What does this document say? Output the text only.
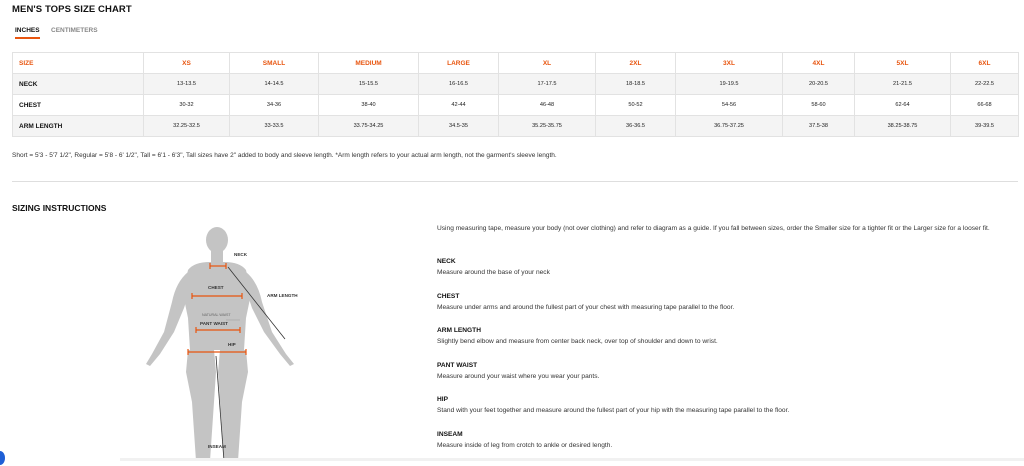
MEN'S TOPS SIZE CHART
INCHES CENTIMETERS
SIZE	XS	SMALL	MEDIUM	LARGE	XL	2XL	3XL	4XL	5XL	6XL
NECK	13-13.5	14-14.5	15-15.5	16-16.5	17-17.5	18-18.5	19-19.5	20-20.5	21-21.5	22-22.5
CHEST	30-32	34-36	38-40	42-44	46-48	50-52	54-56	58-60	62-64	66-68
ARM LENGTH	32.25-32.5	33-33.5	33.75-34.25	34.5-35	35.25-35.75	36-36.5	36.75-37.25	37.5-38	38.25-38.75	39-39.5
Short = 5'3 - 5'7 1/2", Regular = 5'8 - 6' 1/2", Tall = 6'1 - 6'3", Tall sizes have 2" added to body and sleeve length. *Arm length refers to your actual arm length, not the garment's sleeve length.
SIZING INSTRUCTIONS
NECK
CHEST
ARM LENGTH
NATURAL WAIST
PANT WAIST
HIP
INSEAM
Using measuring tape, measure your body (not over clothing) and refer to diagram as a guide. If you fall between sizes, order the Smaller size for a tighter fit or the Larger size for a looser fit.
NECK
Measure around the base of your neck
CHEST
Measure under arms and around the fullest part of your chest with measuring tape parallel to the floor.
ARM LENGTH
Slightly bend elbow and measure from center back neck, over top of shoulder and down to wrist.
PANT WAIST
Measure around your waist where you wear your pants.
HIP
Stand with your feet together and measure around the fullest part of your hip with the measuring tape parallel to the floor.
INSEAM
Measure inside of leg from crotch to ankle or desired length.
